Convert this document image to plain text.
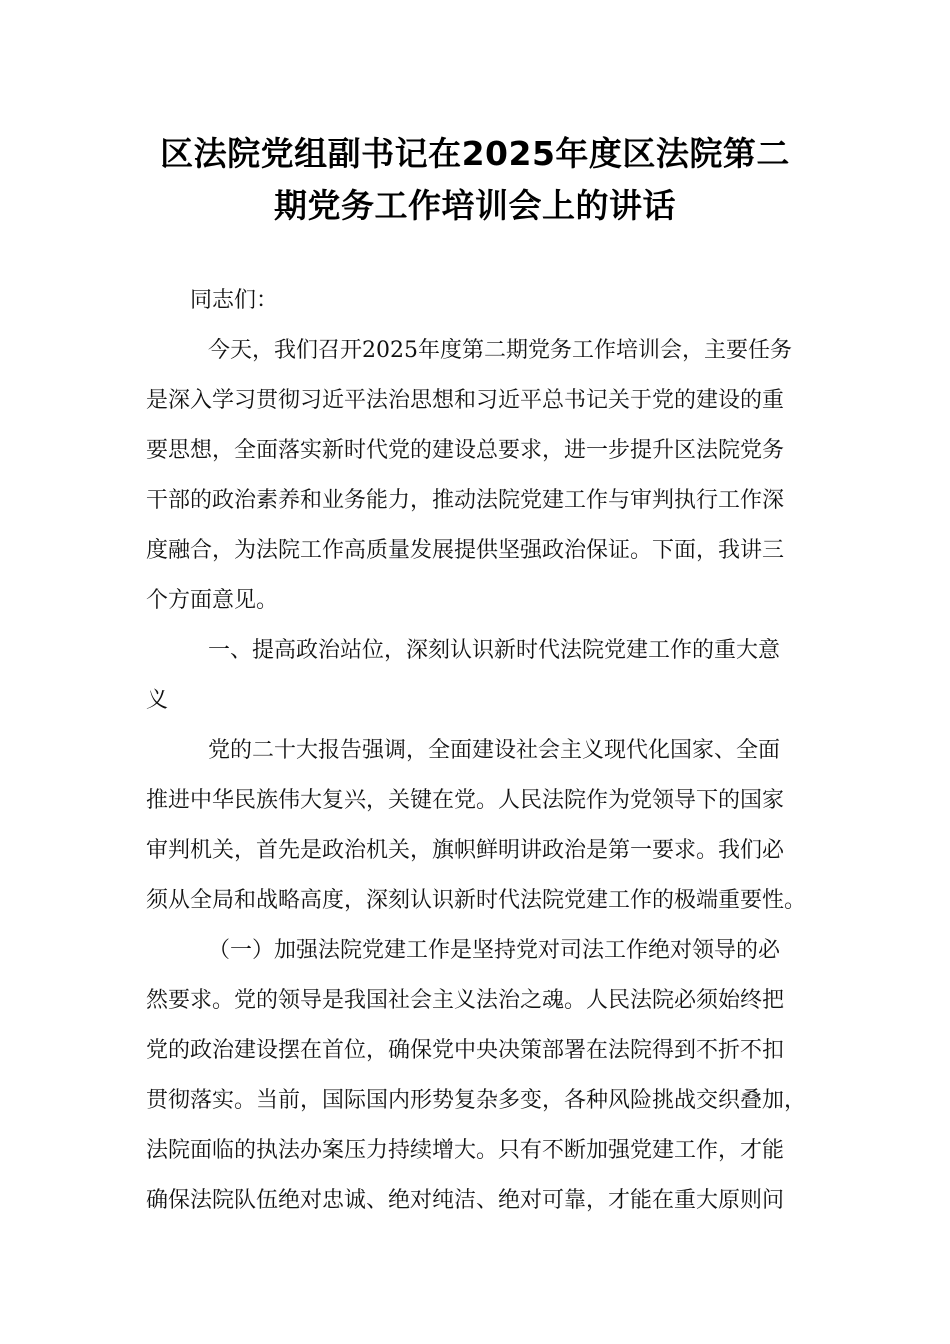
区法院党组副书记在2025年度区法院第二
期党务工作培训会上的讲话
同志们：
今天，我们召开2025年度第二期党务工作培训会，主要任务
是深入学习贯彻习近平法治思想和习近平总书记关于党的建设的重
要思想，全面落实新时代党的建设总要求，进一步提升区法院党务
干部的政治素养和业务能力，推动法院党建工作与审判执行工作深
度融合，为法院工作高质量发展提供坚强政治保证。下面，我讲三
个方面意见。
一、提高政治站位，深刻认识新时代法院党建工作的重大意
义
党的二十大报告强调，全面建设社会主义现代化国家、全面
推进中华民族伟大复兴，关键在党。人民法院作为党领导下的国家
审判机关，首先是政治机关，旗帜鲜明讲政治是第一要求。我们必
须从全局和战略高度，深刻认识新时代法院党建工作的极端重要性。
（一）加强法院党建工作是坚持党对司法工作绝对领导的必
然要求。党的领导是我国社会主义法治之魂。人民法院必须始终把
党的政治建设摆在首位，确保党中央决策部署在法院得到不折不扣
贯彻落实。当前，国际国内形势复杂多变，各种风险挑战交织叠加，
法院面临的执法办案压力持续增大。只有不断加强党建工作，才能
确保法院队伍绝对忠诚、绝对纯洁、绝对可靠，才能在重大原则问
